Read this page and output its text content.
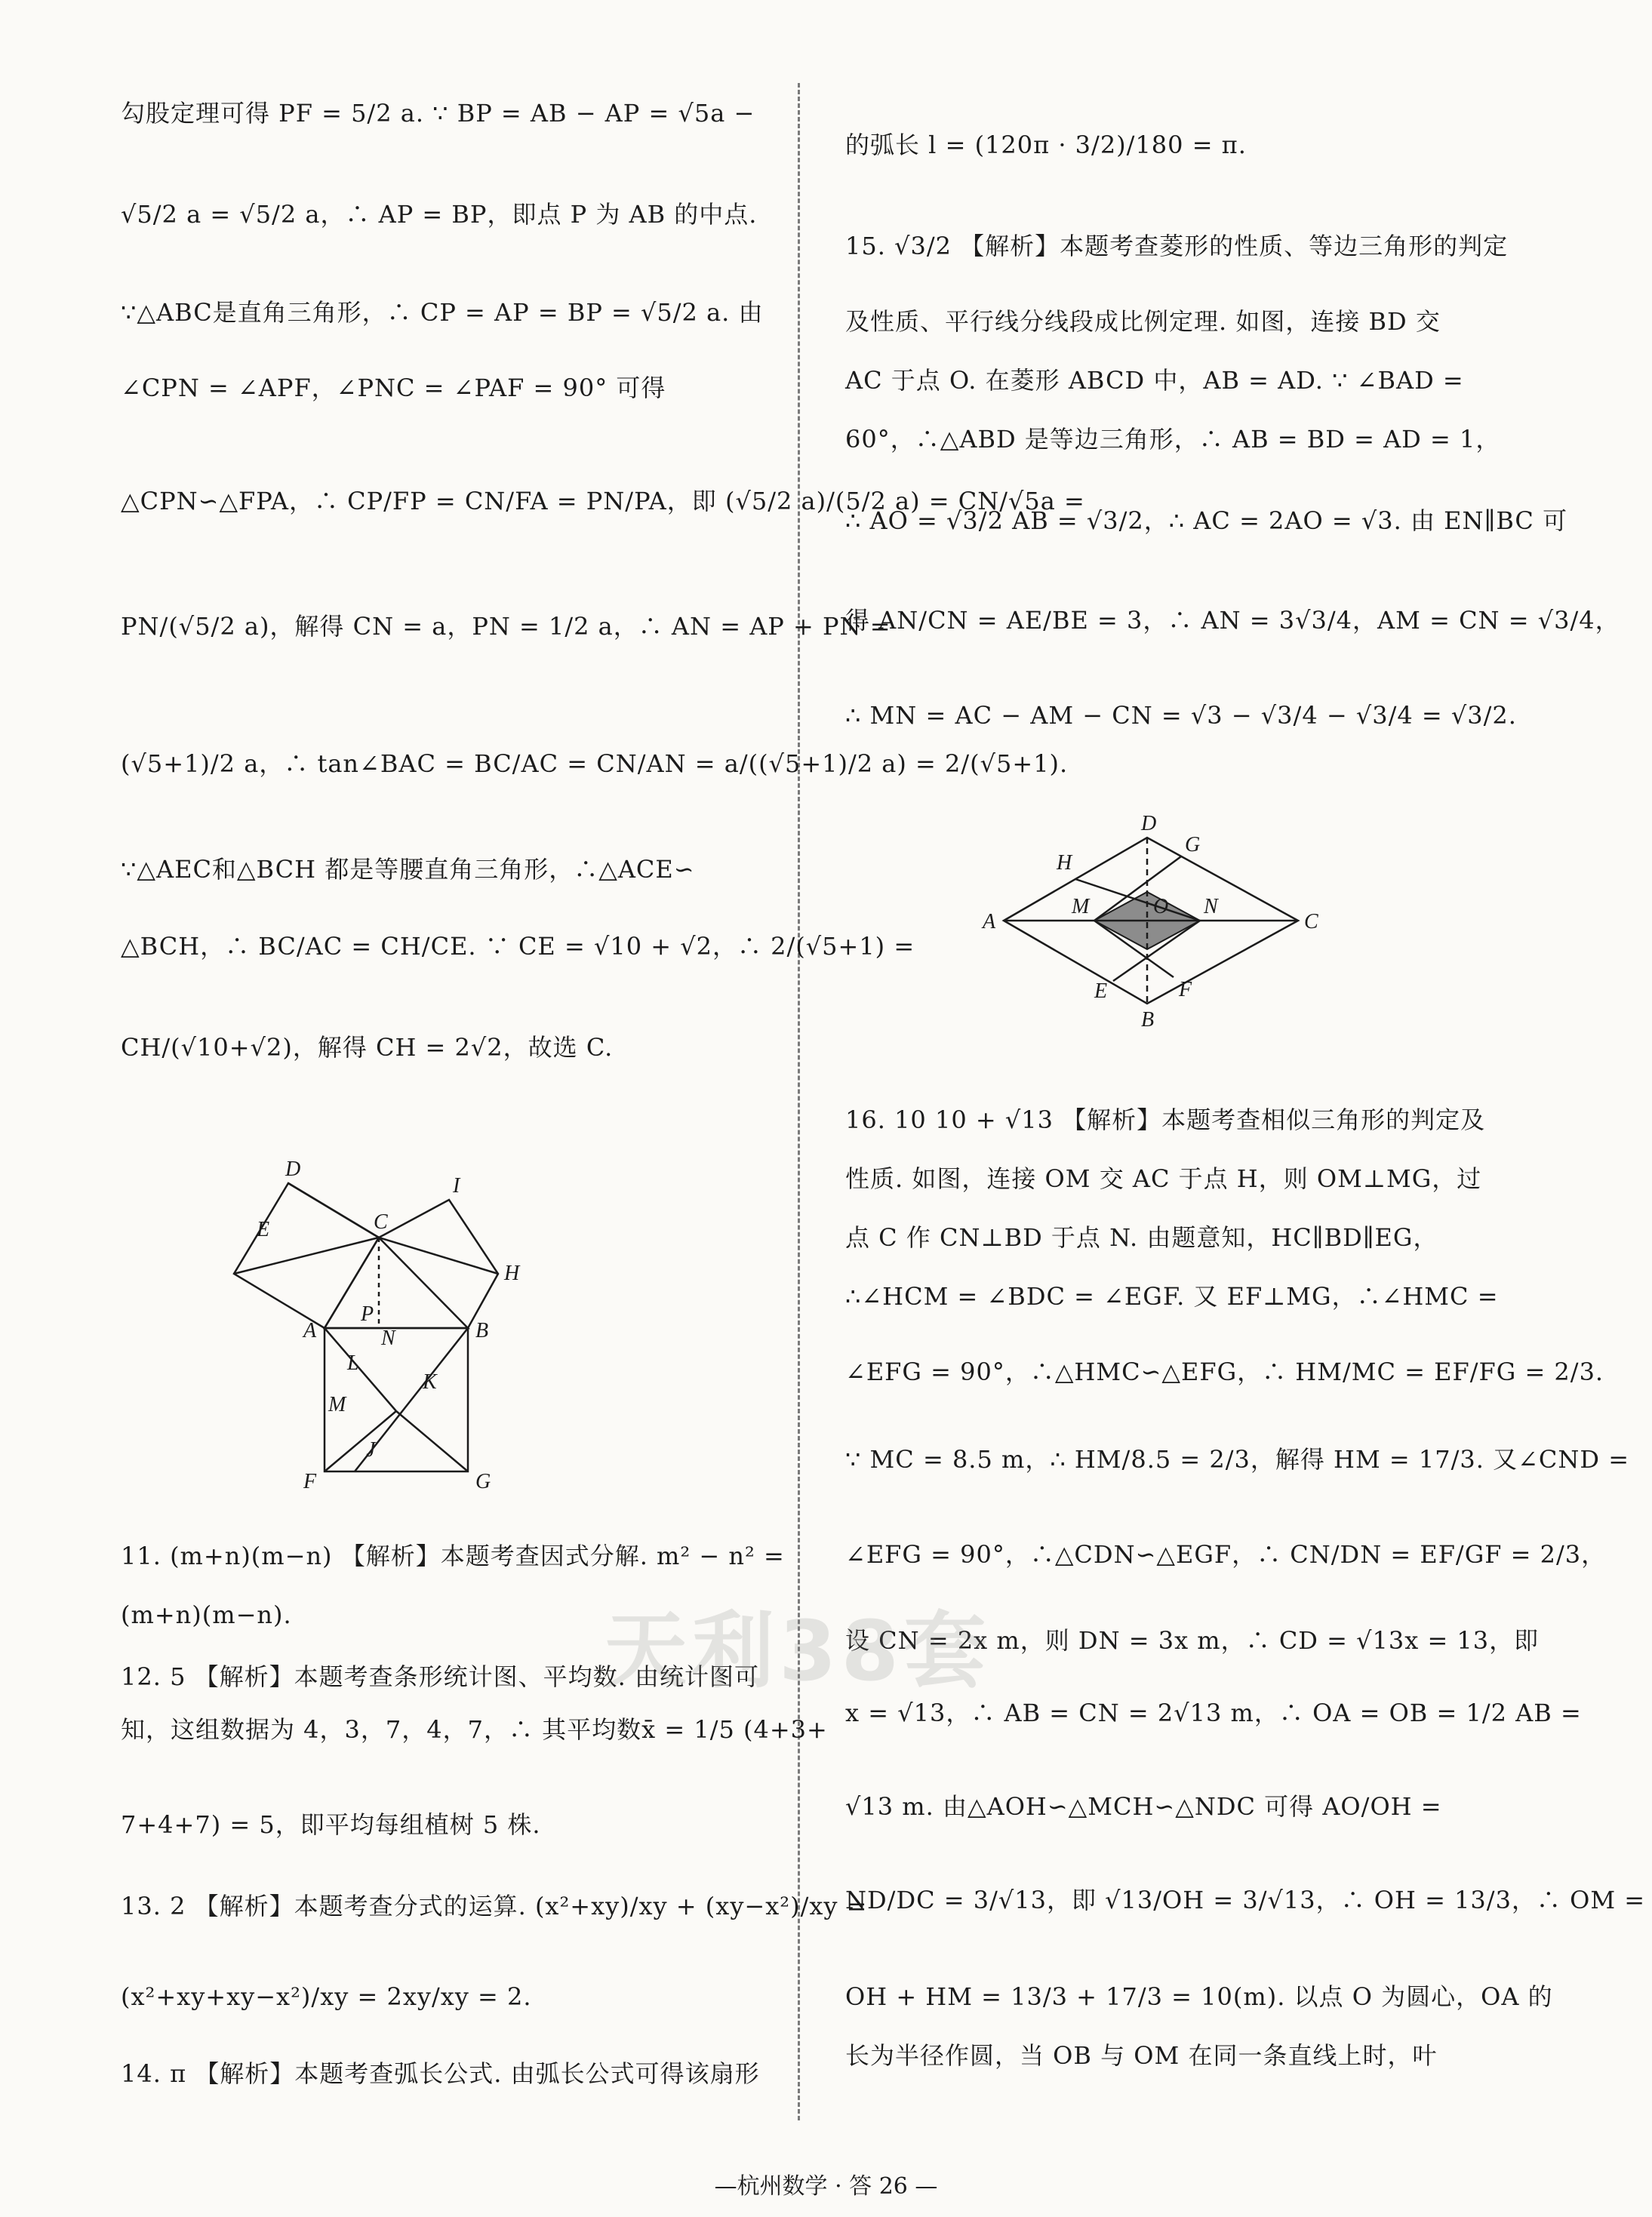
勾股定理可得 PF = 5/2 a. ∵ BP = AB − AP = √5a −
√5/2 a = √5/2 a，∴ AP = BP，即点 P 为 AB 的中点.
∵△ABC是直角三角形，∴ CP = AP = BP = √5/2 a. 由
∠CPN = ∠APF，∠PNC = ∠PAF = 90° 可得
△CPN∽△FPA，∴ CP/FP = CN/FA = PN/PA，即 (√5/2 a)/(5/2 a) = CN/√5a =
PN/(√5/2 a)，解得 CN = a，PN = 1/2 a，∴ AN = AP + PN =
(√5+1)/2 a，∴ tan∠BAC = BC/AC = CN/AN = a/((√5+1)/2 a) = 2/(√5+1).
∵△AEC和△BCH 都是等腰直角三角形，∴△ACE∽
△BCH，∴ BC/AC = CH/CE. ∵ CE = √10 + √2，∴ 2/(√5+1) =
CH/(√10+√2)，解得 CH = 2√2，故选 C.
D
E
I
C
H
P
A	N	B
L
K
M
J
F	G
11. (m+n)(m−n) 【解析】本题考查因式分解. m² − n² =
(m+n)(m−n).
12. 5 【解析】本题考查条形统计图、平均数. 由统计图可
知，这组数据为 4，3，7，4，7，∴ 其平均数x̄ = 1/5 (4+3+
7+4+7) = 5，即平均每组植树 5 株.
13. 2 【解析】本题考查分式的运算. (x²+xy)/xy + (xy−x²)/xy =
(x²+xy+xy−x²)/xy = 2xy/xy = 2.
14. π 【解析】本题考查弧长公式. 由弧长公式可得该扇形
的弧长 l = (120π · 3/2)/180 = π.
15. √3/2 【解析】本题考查菱形的性质、等边三角形的判定
及性质、平行线分线段成比例定理. 如图，连接 BD 交
AC 于点 O. 在菱形 ABCD 中，AB = AD. ∵ ∠BAD =
60°，∴△ABD 是等边三角形，∴ AB = BD = AD = 1，
∴ AO = √3/2 AB = √3/2，∴ AC = 2AO = √3. 由 EN∥BC 可
得 AN/CN = AE/BE = 3，∴ AN = 3√3/4，AM = CN = √3/4，
∴ MN = AC − AM − CN = √3 − √3/4 − √3/4 = √3/2.
D
H
G
A
M	O N
C
E	F
B
16. 10 10 + √13 【解析】本题考查相似三角形的判定及
性质. 如图，连接 OM 交 AC 于点 H，则 OM⊥MG，过
点 C 作 CN⊥BD 于点 N. 由题意知，HC∥BD∥EG，
∴∠HCM = ∠BDC = ∠EGF. 又 EF⊥MG，∴∠HMC =
∠EFG = 90°，∴△HMC∽△EFG，∴ HM/MC = EF/FG = 2/3.
∵ MC = 8.5 m，∴ HM/8.5 = 2/3，解得 HM = 17/3. 又∠CND =
∠EFG = 90°，∴△CDN∽△EGF，∴ CN/DN = EF/GF = 2/3，
设 CN = 2x m，则 DN = 3x m，∴ CD = √13x = 13，即
x = √13，∴ AB = CN = 2√13 m，∴ OA = OB = 1/2 AB =
√13 m. 由△AOH∽△MCH∽△NDC 可得 AO/OH =
ND/DC = 3/√13，即 √13/OH = 3/√13，∴ OH = 13/3，∴ OM =
OH + HM = 13/3 + 17/3 = 10(m). 以点 O 为圆心，OA 的
长为半径作圆，当 OB 与 OM 在同一条直线上时，叶
天利38套
—杭州数学 · 答 26 —
